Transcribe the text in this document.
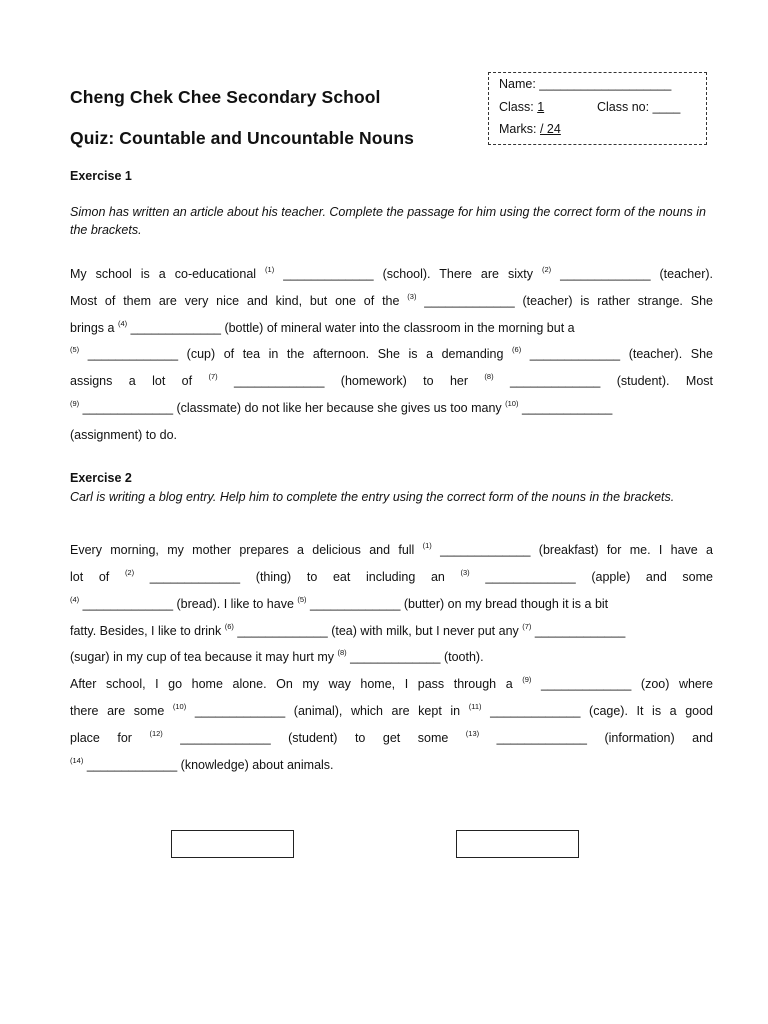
Cheng Chek Chee Secondary School
Quiz: Countable and Uncountable Nouns
Name: ___________________
Class: 1	Class no: ____
Marks: / 24
Exercise 1
Simon has written an article about his teacher. Complete the passage for him using the correct form of the nouns in the brackets.
My school is a co-educational $^{(1)}$ _____________ (school). There are sixty $^{(2)}$ _____________ (teacher).
Most of them are very nice and kind, but one of the $^{(3)}$ _____________ (teacher) is rather strange. She
brings a $^{(4)}$ _____________ (bottle) of mineral water into the classroom in the morning but a
$^{(5)}$ _____________ (cup) of tea in the afternoon. She is a demanding $^{(6)}$ _____________ (teacher). She
assigns a lot of $^{(7)}$ _____________ (homework) to her $^{(8)}$ _____________ (student). Most
$^{(9)}$ _____________ (classmate) do not like her because she gives us too many $^{(10)}$ _____________
(assignment) to do.
Exercise 2
Carl is writing a blog entry. Help him to complete the entry using the correct form of the nouns in the brackets.
Every morning, my mother prepares a delicious and full $^{(1)}$ _____________ (breakfast) for me. I have a
lot of $^{(2)}$ _____________ (thing) to eat including an $^{(3)}$ _____________ (apple) and some
$^{(4)}$ _____________ (bread). I like to have $^{(5)}$ _____________ (butter) on my bread though it is a bit
fatty. Besides, I like to drink $^{(6)}$ _____________ (tea) with milk, but I never put any $^{(7)}$ _____________
(sugar) in my cup of tea because it may hurt my $^{(8)}$ _____________ (tooth).
After school, I go home alone. On my way home, I pass through a $^{(9)}$ _____________ (zoo) where
there are some $^{(10)}$ _____________ (animal), which are kept in $^{(11)}$ _____________ (cage). It is a good
place for $^{(12)}$ _____________ (student) to get some $^{(13)}$ _____________ (information) and
$^{(14)}$ _____________ (knowledge) about animals.
